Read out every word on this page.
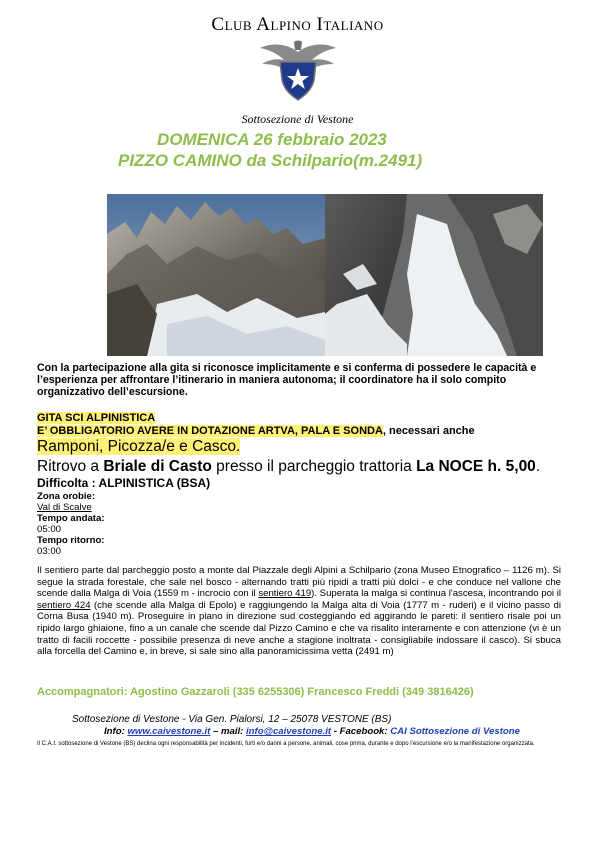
Club Alpino Italiano
Sottosezione di Vestone
DOMENICA 26 febbraio 2023
PIZZO CAMINO da Schilpario(m.2491)
Con la partecipazione alla gita si riconosce implicitamente e si conferma di possedere le capacità e l’esperienza per affrontare l’itinerario in maniera autonoma; il coordinatore ha il solo compito organizzativo dell’escursione.
GITA SCI ALPINISTICA
E’ OBBLIGATORIO AVERE IN DOTAZIONE ARTVA, PALA E SONDA, necessari anche
Ramponi, Picozza/e e Casco.
Ritrovo a Briale di Casto presso il parcheggio trattoria La NOCE h. 5,00.
Difficolta : ALPINISTICA (BSA)
Zona orobie:
Val di Scalve
Tempo andata:
05:00
Tempo ritorno:
03:00
Il sentiero parte dal parcheggio posto a monte dal Piazzale degli Alpini a Schilpario (zona Museo Etnografico – 1126 m). Si segue la strada forestale, che sale nel bosco - alternando tratti più ripidi a tratti più dolci - e che conduce nel vallone che scende dalla Malga di Voia (1559 m - incrocio con il sentiero 419). Superata la malga si continua l'ascesa, incontrando poi il sentiero 424 (che scende alla Malga di Epolo) e raggiungendo la Malga alta di Voia (1777 m - ruderi) e il vicino passo di Corna Busa (1940 m). Proseguire in piano in direzione sud costeggiando ed aggirando le pareti: il sentiero risale poi un ripido largo ghiaione, fino a un canale che scende dal Pizzo Camino e che va risalito interamente e con attenzione (vi è un tratto di facili roccette - possibile presenza di neve anche a stagione inoltrata - consigliabile indossare il casco). Si sbuca alla forcella del Camino e, in breve, si sale sino alla panoramicissima vetta (2491 m)
Accompagnatori: Agostino Gazzaroli (335 6255306) Francesco Freddi (349 3816426)
Sottosezione di Vestone - Via Gen. Pialorsi, 12 – 25078 VESTONE (BS)
Info: www.caivestone.it – mail: info@caivestone.it - Facebook: CAI Sottosezione di Vestone
Il C.A.I. sottosezione di Vestone (BS) declina ogni responsabilità per incidenti, furti e/o danni a persone, animali, cose prima, durante e dopo l’escursione e/o la manifestazione organizzata.
